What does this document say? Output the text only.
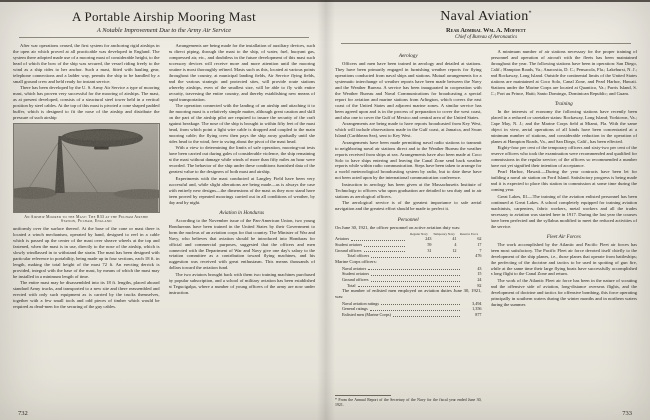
A Portable Airship Mooring Mast

A Notable Improvement Due to the Army Air Service

After war operations ceased, the first system for anchoring rigid airships in the open air which proved at all practicable was developed in England. The system there adopted made use of a mooring mast of considerable height, to the head of which the bow of the ship was secured, the vessel riding freely to the wind as a ship rides to her anchor. Such a mast, fitted with hauling gear, telephone connections and a ladder way, permits the ship to be handled by a small ground crew and held ready for instant service.

There has been developed by the U. S. Army Air Service a type of mooring mast, which has proven very successful for the mooring of airships. The mast, as at present developed, consists of a structural steel tower held in a vertical position by steel cables. At the top of this mast is pivoted a cone shaped padded buffer, which is designed to fit the nose of the airship and distribute the pressure of such airship

An Airship Moored to the Mast: The R33 at the Pulham Airship Station, Pulham, England

uniformly over the surface thereof. At the base of the cone or mast there is located a winch mechanism, operated by hand, designed to reel in a cable which is passed up the center of the mast over sheave wheels at the top and fastened, when the mast is in use, directly to the nose of the airship, which is slowly windlassed in to withstand the strain. The mast has been designed with particular reference to portability, being made up in four sections, each 18 ft. in length, making the total height of the mast 72 ft. An erecting derrick is provided, integral with the base of the mast, by means of which the mast may be installed in a minimum length of time.

The entire mast may be disassembled into its 18 ft. lengths, placed aboard standard Army trucks, and transported to a new site and there reassembled and erected with only such equipment as is carried by the trucks themselves, together with a few small tools and odd pieces of timber which would be required as dead-men for the securing of the guy cables.

Arrangements are being made for the installation of auxiliary devices, such as direct piping, through the mast to the ship, of water, fuel, buoyant gas, compressed air, etc., and doubtless in the future development of this mast such accessory devices will receive more and more attention until the mooring routine is most thoroughly refined. Masts such as this, located at various points throughout the country, at municipal landing fields, Air Service flying fields, and the various strategic and protected sites, will provide route stations whereby airships, even of the smallest size, will be able to fly with entire security, traversing the entire country, and thereby establishing new means of rapid transportation.

The operation connected with the landing of an airship and attaching it to the mooring mast is a relatively simple matter, although great caution and skill on the part of the airship pilot are required to insure the security of the craft against breakage. The nose of the ship is brought to within fifty feet of the mast head, from which point a light wire cable is dropped and coupled to the main mooring cable; the flying crew then pays the ship away gradually until she rides head to the wind, free to swing about the pivot of the mast head.

With a view to determining the limits of safe operation, mooring-out tests have been carried out during gales of considerable violence, the ship remaining at the mast without damage while winds of more than fifty miles an hour were recorded. The behavior of the ship under these conditions furnished data of the greatest value to the designers of both mast and airship.

Experiments with the mast conducted at Langley Field have been very successful and, while slight alterations are being made—as is always the case with entirely new designs—the dimensions of the mast as they now stand have been proved by repeated moorings carried out in all conditions of weather, by day and by night.

Aviation in Honduras

According to the November issue of the Pan-American Union, two young Hondureans have been trained in the United States by their Government to form the nucleus of an aviation corps for that country. The Minister of War and Navy, who believes that aviation should be introduced into Honduras for official and commercial purposes, suggested that the officers and men connected with the Department of War and Navy give one day's salary to the aviation committee as a contribution toward flying machines, and his suggestion was received with great enthusiasm. This means thousands of dollars toward the aviation fund.

The two aviators brought back with them two training machines purchased by popular subscription, and a school of military aviation has been established at Tegucigalpa, where a number of young officers of the army are now under instruction.

Naval Aviation*

Rear Admiral Wm. A. Moffett

Chief of Bureau of Aeronautics

Aerology

Officers and men have been trained in aerology and detailed at stations. They have been primarily engaged in furnishing weather reports for flying operations conducted from naval ships and stations. Mutual arrangements for a systematic interchange of weather reports have been made between the Navy and the Weather Bureau. A service has been inaugurated in cooperation with the Weather Bureau and Naval Communications for broadcasting a special report for aviation and marine stations from Arlington, which covers the east coast of the United States and adjacent marine zones. A similar service has been agreed upon and is in the process of preparation to cover the west coast, and also one to cover the Gulf of Mexico and central area of the United States.

Arrangements are being made to have reports broadcasted from Key West, which will include observations made in the Gulf coast, at Jamaica, and Swan Island (Caribbean Sea), sent to Key West.

Arrangements have been made permitting naval radio stations to transmit to neighboring naval air stations direct and to the Weather Bureau the weather reports received from ships at sea. Arrangements have also been made at Coco Solo to have ships entering and leaving the Canal Zone send back weather reports while within radio communication. Steps have been taken to arrange for a world meteorological broadcasting system by radio, but to date these have not been acted upon by the international communication conference.

Instruction in aerology has been given at the Massachusetts Institute of Technology to officers who upon graduation are detailed to sea duty and to air stations as aerological officers.

The aerological service is of the greatest importance to safe aerial navigation and the greatest effort should be made to perfect it.

Personnel

On June 30, 1921, the officer personnel on active aviation duty was:

Regular Navy	Temporary Navy	Reserve Force
Aviators	243	41	62
Student aviators	59	4	17
Ground officers	31	12	7
Total officers	476

Marine Corps officers:

Naval aviators	43
Student aviators	15
Ground officers	24
Total	82

The number of enlisted men employed on aviation duties June 30, 1921, was:

Naval aviation ratings	3,494
General ratings	1,356
Enlisted men (Marine Corps)	877

* From the Annual Report of the Secretary of the Navy for the fiscal year ended June 30, 1921.

A minimum number of air stations necessary for the proper training of personnel and operation of aircraft with the fleets has been maintained throughout the year. The following stations have been in operation: San Diego, Calif.; Hampton Roads, Va.; Anacostia, D. C.; Pensacola, Fla.; Lakehurst, N. J.; and Rockaway, Long Island. Outside the continental limits of the United States stations are maintained at Coco Solo, Canal Zone, and Pearl Harbor, Hawaii. Stations under the Marine Corps are located at Quantico, Va.; Parris Island, S. C.; Port au Prince, Haiti; Santo Domingo, Dominican Republic; and Guam.

Training

In the interests of economy the following stations have recently been placed in a reduced or caretaker status: Rockaway, Long Island; Yorktown, Va.; Cape May, N. J.; and the Marine Corps field at Miami, Fla. With the same object in view, aerial operations of all kinds have been concentrated at a minimum number of stations, and considerable reduction in the operation of planes at Hampton Roads, Va., and San Diego, Calif., has been effected.

Eighty-four per cent of the temporary officers and sixty-two per cent of the reserve officers who took the examination were recommended and qualified for commissions in the regular service; of the officers so recommended a number have not yet signified their intention of acceptance.

Pearl Harbor, Hawaii.—During the year contracts have been let for building a naval air station on Ford Island. Satisfactory progress is being made and it is expected to place this station in commission at some time during the coming year.

Great Lakes, Ill.—The training of the aviation enlisted personnel has been continued at Great Lakes. A school completely equipped for training aviation machinists, carpenters, fabric workers, metal workers and all the trades necessary to aviation was started here in 1917. During the last year the courses have been perfected and the syllabus modified to meet the reduced activities of the service.

Fleet Air Forces

The work accomplished by the Atlantic and Pacific Fleet air forces has been most satisfactory. The Pacific Fleet air force devoted itself chiefly to the development of the ship planes, i.e., those planes that operate from battleships; the perfecting of the doctrine and tactics to be used in spotting of gun fire, while at the same time their large flying boats have successfully accomplished a long flight to the Canal Zone and return.

The work of the Atlantic Fleet air force has been in the nature of scouting and the offensive side of aviation, long-distance overseas flights, and the development of doctrine and tactics for offensive bombing, this force operating principally in southern waters during the winter months and in northern waters during the summer.

732	733
